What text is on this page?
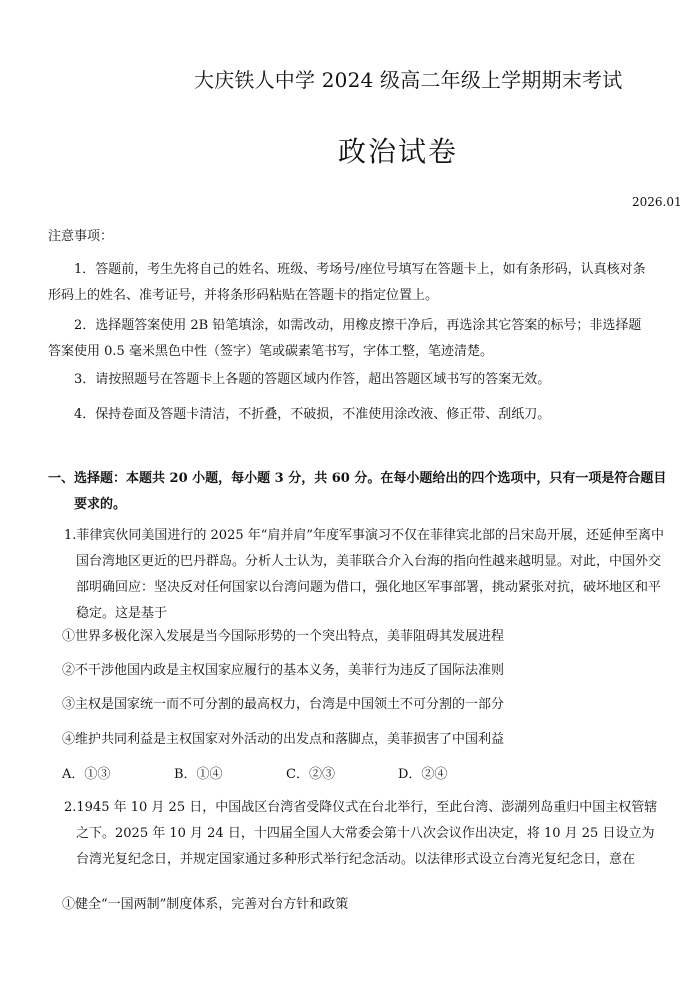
大庆铁人中学 2024 级高二年级上学期期末考试
政治试卷
2026.01
注意事项：
1．答题前，考生先将自己的姓名、班级、考场号/座位号填写在答题卡上，如有条形码，认真核对条形码上的姓名、准考证号，并将条形码粘贴在答题卡的指定位置上。
2．选择题答案使用 2B 铅笔填涂，如需改动，用橡皮擦干净后，再选涂其它答案的标号；非选择题答案使用 0.5 毫米黑色中性（签字）笔或碳素笔书写，字体工整，笔迹清楚。
3．请按照题号在答题卡上各题的答题区域内作答，超出答题区域书写的答案无效。
4．保持卷面及答题卡清洁，不折叠，不破损，不准使用涂改液、修正带、刮纸刀。
一、选择题：本题共 20 小题，每小题 3 分，共 60 分。在每小题给出的四个选项中，只有一项是符合题目要求的。
1.菲律宾伙同美国进行的 2025 年“肩并肩”年度军事演习不仅在菲律宾北部的吕宋岛开展，还延伸至离中国台湾地区更近的巴丹群岛。分析人士认为，美菲联合介入台海的指向性越来越明显。对此，中国外交部明确回应：坚决反对任何国家以台湾问题为借口，强化地区军事部署，挑动紧张对抗，破坏地区和平稳定。这是基于
①世界多极化深入发展是当今国际形势的一个突出特点，美菲阻碍其发展进程
②不干涉他国内政是主权国家应履行的基本义务，美菲行为违反了国际法准则
③主权是国家统一而不可分割的最高权力，台湾是中国领土不可分割的一部分
④维护共同利益是主权国家对外活动的出发点和落脚点，美菲损害了中国利益
A．①③	B．①④	C．②③	D．②④
2.1945 年 10 月 25 日，中国战区台湾省受降仪式在台北举行，至此台湾、澎湖列岛重归中国主权管辖之下。2025 年 10 月 24 日，十四届全国人大常委会第十八次会议作出决定，将 10 月 25 日设立为台湾光复纪念日，并规定国家通过多种形式举行纪念活动。以法律形式设立台湾光复纪念日，意在
①健全“一国两制”制度体系，完善对台方针和政策
